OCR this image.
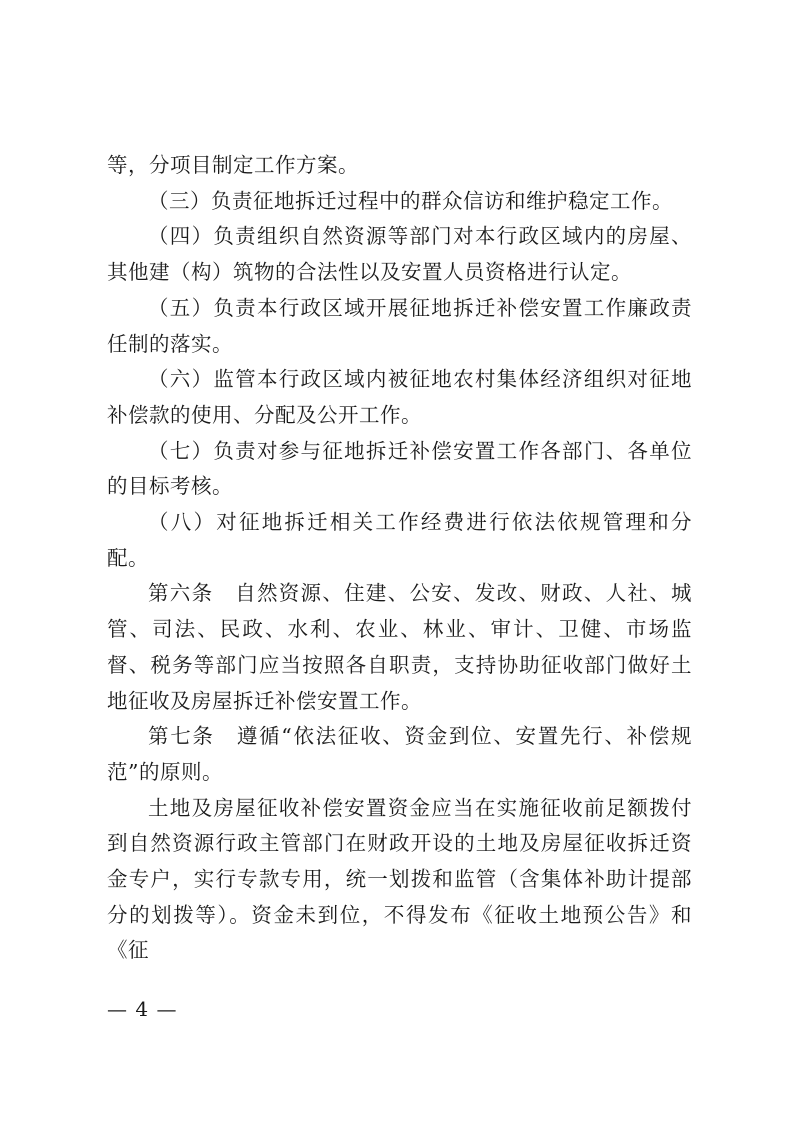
等，分项目制定工作方案。

（三）负责征地拆迁过程中的群众信访和维护稳定工作。

（四）负责组织自然资源等部门对本行政区域内的房屋、其他建（构）筑物的合法性以及安置人员资格进行认定。

（五）负责本行政区域开展征地拆迁补偿安置工作廉政责任制的落实。

（六）监管本行政区域内被征地农村集体经济组织对征地补偿款的使用、分配及公开工作。

（七）负责对参与征地拆迁补偿安置工作各部门、各单位的目标考核。

（八）对征地拆迁相关工作经费进行依法依规管理和分配。

第六条　自然资源、住建、公安、发改、财政、人社、城管、司法、民政、水利、农业、林业、审计、卫健、市场监督、税务等部门应当按照各自职责，支持协助征收部门做好土地征收及房屋拆迁补偿安置工作。

第七条　遵循“依法征收、资金到位、安置先行、补偿规范”的原则。

土地及房屋征收补偿安置资金应当在实施征收前足额拨付到自然资源行政主管部门在财政开设的土地及房屋征收拆迁资金专户，实行专款专用，统一划拨和监管（含集体补助计提部分的划拨等）。资金未到位，不得发布《征收土地预公告》和《征

— 4 —
